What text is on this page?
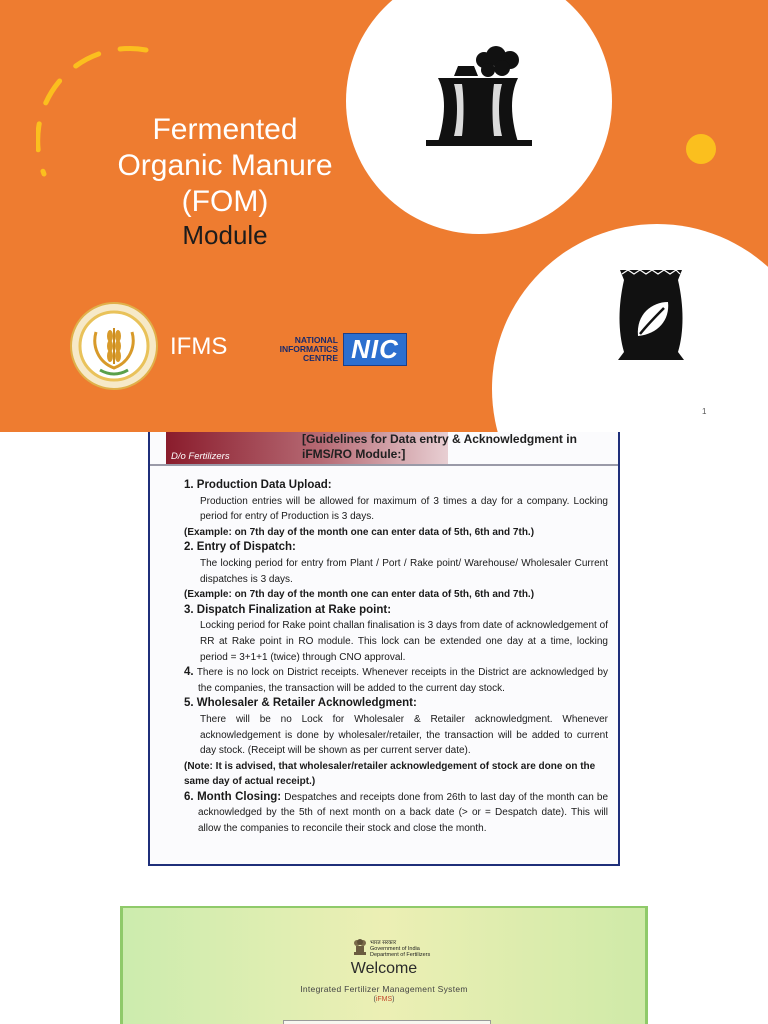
Fermented
Organic Manure
(FOM)
Module
IFMS	NATIONAL
INFORMATICS
CENTRE NIC
1
D/o Fertilizers
[Guidelines for Data entry & Acknowledgment in iFMS/RO Module:]
1. Production Data Upload:
Production entries will be allowed for maximum of 3 times a day for a company. Locking period for entry of Production is 3 days.
(Example: on 7th day of the month one can enter data of 5th, 6th and 7th.)
2. Entry of Dispatch:
The locking period for entry from Plant / Port / Rake point/ Warehouse/ Wholesaler Current dispatches is 3 days.
(Example: on 7th day of the month one can enter data of 5th, 6th and 7th.)
3. Dispatch Finalization at Rake point:
Locking period for Rake point challan finalisation is 3 days from date of acknowledgement of RR at Rake point in RO module. This lock can be extended one day at a time, locking period = 3+1+1 (twice) through CNO approval.
4. There is no lock on District receipts. Whenever receipts in the District are acknowledged by the companies, the transaction will be added to the current day stock.
5. Wholesaler & Retailer Acknowledgment:
There will be no Lock for Wholesaler & Retailer acknowledgment. Whenever acknowledgement is done by wholesaler/retailer, the transaction will be added to current day stock. (Receipt will be shown as per current server date).
(Note: It is advised, that wholesaler/retailer acknowledgement of stock are done on the same day of actual receipt.)
6. Month Closing: Despatches and receipts done from 26th to last day of the month can be acknowledged by the 5th of next month on a back date (> or = Despatch date). This will allow the companies to reconcile their stock and close the month.
भारत सरकार
Government of India
Department of Fertilizers
Welcome
Integrated Fertilizer Management System
(iFMS)
